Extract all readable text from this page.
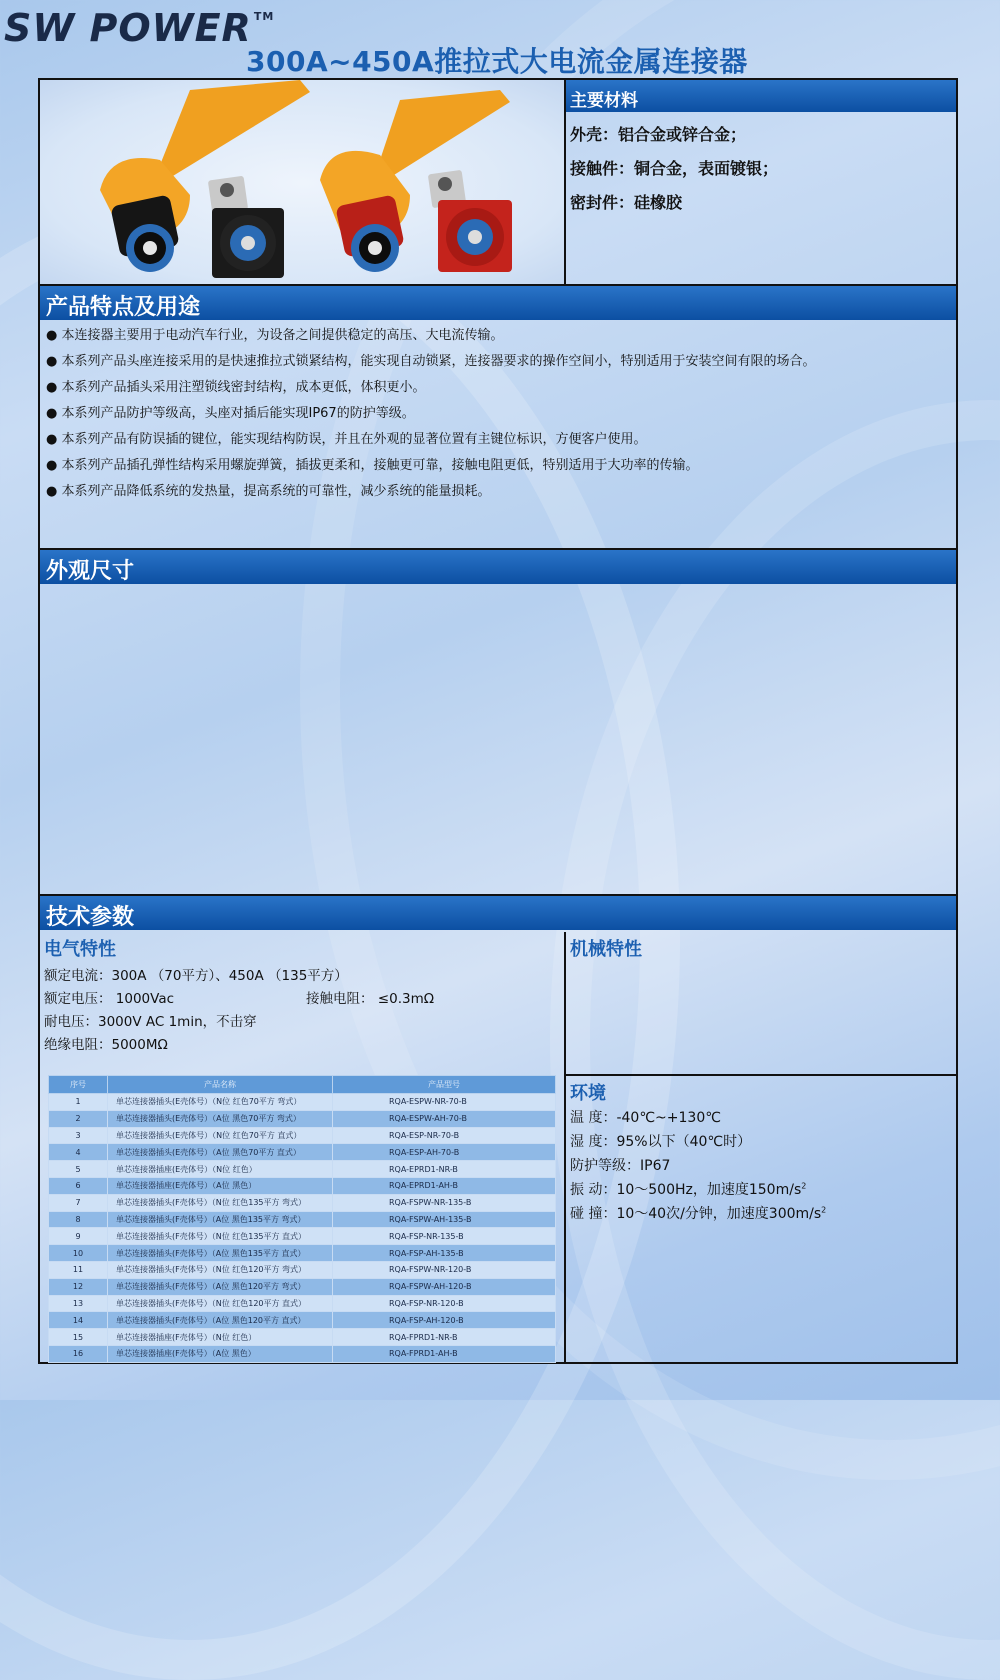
SW POWER ™
300A~450A推拉式大电流金属连接器
主要材料
外壳：铝合金或锌合金；
接触件：铜合金，表面镀银；
密封件：硅橡胶
产品特点及用途
● 本连接器主要用于电动汽车行业，为设备之间提供稳定的高压、大电流传输。
● 本系列产品头座连接采用的是快速推拉式锁紧结构，能实现自动锁紧，连接器要求的操作空间小，特别适用于安装空间有限的场合。
● 本系列产品插头采用注塑锁线密封结构，成本更低，体积更小。
● 本系列产品防护等级高，头座对插后能实现IP67的防护等级。
● 本系列产品有防误插的键位，能实现结构防误，并且在外观的显著位置有主键位标识，方便客户使用。
● 本系列产品插孔弹性结构采用螺旋弹簧，插拔更柔和，接触更可靠，接触电阻更低，特别适用于大功率的传输。
● 本系列产品降低系统的发热量，提高系统的可靠性，减少系统的能量损耗。
外观尺寸
技术参数
电气特性
额定电流：300A （70平方）、450A （135平方）
额定电压： 1000Vac	接触电阻： ≤0.3mΩ
耐电压：3000V AC 1min，不击穿
绝缘电阻：5000MΩ
序号	产品名称	产品型号
1	单芯连接器插头(E壳体号）（N位 红色70平方 弯式）	RQA-ESPW-NR-70-B
2	单芯连接器插头(E壳体号）（A位 黑色70平方 弯式）	RQA-ESPW-AH-70-B
3	单芯连接器插头(E壳体号）（N位 红色70平方 直式）	RQA-ESP-NR-70-B
4	单芯连接器插头(E壳体号）（A位 黑色70平方 直式）	RQA-ESP-AH-70-B
5	单芯连接器插座(E壳体号）（N位 红色）	RQA-EPRD1-NR-B
6	单芯连接器插座(E壳体号）（A位 黑色）	RQA-EPRD1-AH-B
7	单芯连接器插头(F壳体号）（N位 红色135平方 弯式）	RQA-FSPW-NR-135-B
8	单芯连接器插头(F壳体号）（A位 黑色135平方 弯式）	RQA-FSPW-AH-135-B
9	单芯连接器插头(F壳体号）（N位 红色135平方 直式）	RQA-FSP-NR-135-B
10	单芯连接器插头(F壳体号）（A位 黑色135平方 直式）	RQA-FSP-AH-135-B
11	单芯连接器插头(F壳体号）（N位 红色120平方 弯式）	RQA-FSPW-NR-120-B
12	单芯连接器插头(F壳体号）（A位 黑色120平方 弯式）	RQA-FSPW-AH-120-B
13	单芯连接器插头(F壳体号）（N位 红色120平方 直式）	RQA-FSP-NR-120-B
14	单芯连接器插头(F壳体号）（A位 黑色120平方 直式）	RQA-FSP-AH-120-B
15	单芯连接器插座(F壳体号）（N位 红色）	RQA-FPRD1-NR-B
16	单芯连接器插座(F壳体号）（A位 黑色）	RQA-FPRD1-AH-B
机械特性
环境
温 度：-40℃~+130℃
湿 度：95%以下（40℃时）
防护等级：IP67
振 动：10～500Hz，加速度$150m/s^2$
碰 撞：10～40次/分钟，加速度$300m/s^2$
